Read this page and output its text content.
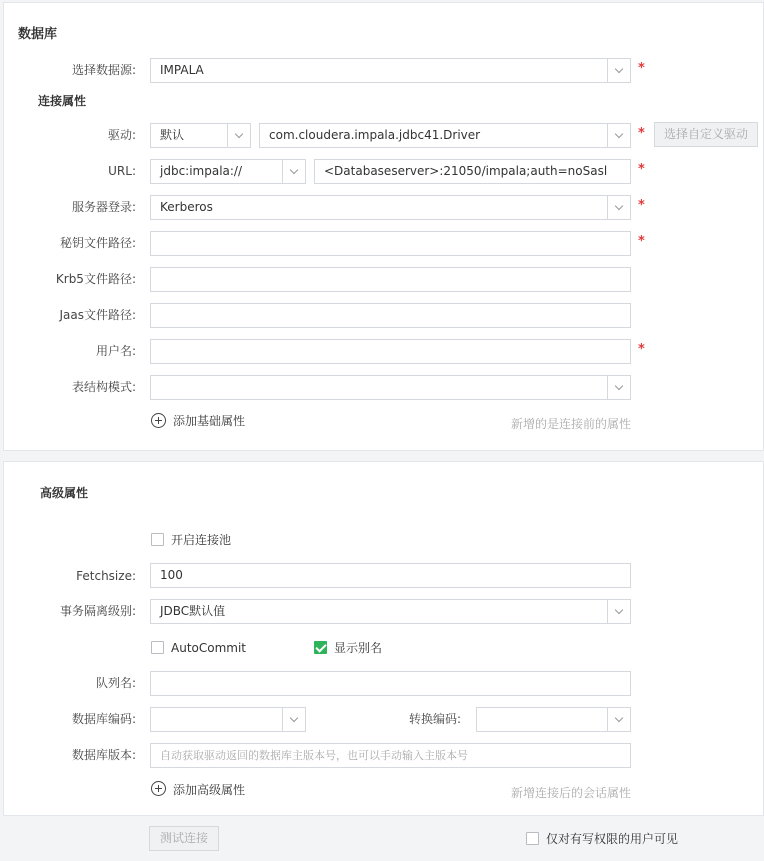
数据库
选择数据源: IMPALA	*
连接属性
驱动: 默认	com.cloudera.impala.jdbc41.Driver	*	选择自定义驱动
URL: jdbc:impala://	<Databaseserver>:21050/impala;auth=noSasl	*
服务器登录: Kerberos	*
秘钥文件路径:	*
Krb5文件路径:
Jaas文件路径:
用户名:	*
表结构模式:
添加基础属性	新增的是连接前的属性
高级属性
开启连接池
Fetchsize:	100
事务隔离级别: JDBC默认值
AutoCommit	显示别名
队列名:
数据库编码:	转换编码:
数据库版本:	自动获取驱动返回的数据库主版本号，也可以手动输入主版本号
添加高级属性	新增连接后的会话属性
测试连接	仅对有写权限的用户可见
